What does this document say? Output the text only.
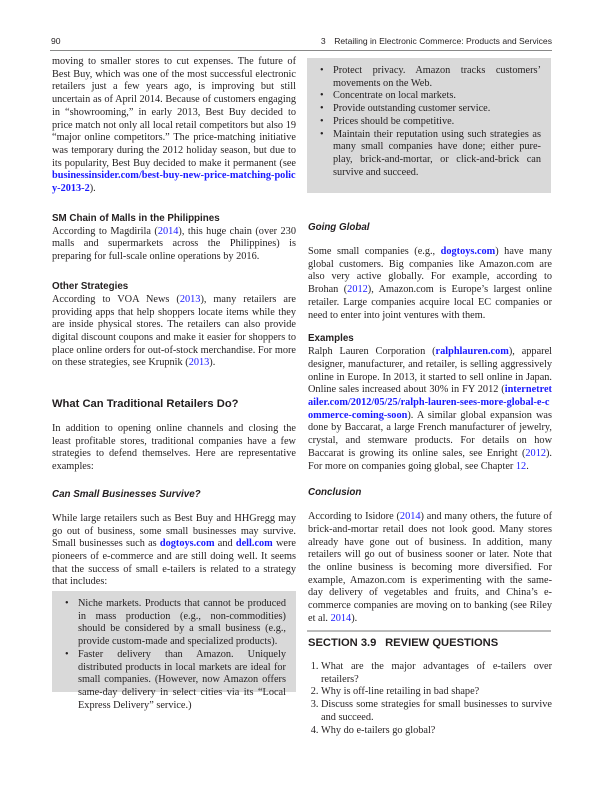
90	3 Retailing in Electronic Commerce: Products and Services

moving to smaller stores to cut expenses. The future of Best Buy, which was one of the most successful electronic retailers just a few years ago, is improving but still uncertain as of April 2014. Because of customers engaging in “showrooming,” in early 2013, Best Buy decided to price match not only all local retail competitors but also 19 “major online competitors.” The price-matching initiative was temporary during the 2012 holiday season, but due to its popularity, Best Buy decided to make it permanent (see businessinsider.com/best-buy-new-price-matching-policy-2013-2).

SM Chain of Malls in the Philippines

According to Magdirila (2014), this huge chain (over 230 malls and supermarkets across the Philippines) is preparing for full-scale online operations by 2016.

Other Strategies

According to VOA News (2013), many retailers are providing apps that help shoppers locate items while they are inside physical stores. The retailers can also provide digital discount coupons and make it easier for shoppers to place online orders for out-of-stock merchandise. For more on these strategies, see Krupnik (2013).

What Can Traditional Retailers Do?

In addition to opening online channels and closing the least profitable stores, traditional companies have a few strategies to defend themselves. Here are representative examples:

Can Small Businesses Survive?

While large retailers such as Best Buy and HHGregg may go out of business, some small businesses may survive. Small businesses such as dogtoys.com and dell.com were pioneers of e-commerce and are still doing well. It seems that the success of small e-tailers is related to a strategy that includes:

• Niche markets. Products that cannot be produced in mass production (e.g., non-commodities) should be considered by a small business (e.g., provide custom-made and specialized products).
• Faster delivery than Amazon. Uniquely distributed products in local markets are ideal for small companies. (However, now Amazon offers same-day delivery in select cities via its “Local Express Delivery” service.)
• Protect privacy. Amazon tracks customers’ movements on the Web.
• Concentrate on local markets.
• Provide outstanding customer service.
• Prices should be competitive.
• Maintain their reputation using such strategies as many small companies have done; either pure-play, brick-and-mortar, or click-and-brick can survive and succeed.

Going Global

Some small companies (e.g., dogtoys.com) have many global customers. Big companies like Amazon.com are also very active globally. For example, according to Brohan (2012), Amazon.com is Europe’s largest online retailer. Large companies acquire local EC companies or need to enter into joint ventures with them.

Examples

Ralph Lauren Corporation (ralphlauren.com), apparel designer, manufacturer, and retailer, is selling aggressively online in Europe. In 2013, it started to sell online in Japan. Online sales increased about 30% in FY 2012 (internetretailer.com/2012/05/25/ralph-lauren-sees-more-global-e-commerce-coming-soon). A similar global expansion was done by Baccarat, a large French manufacturer of jewelry, crystal, and stemware products. For details on how Baccarat is growing its online sales, see Enright (2012). For more on companies going global, see Chapter 12.

Conclusion

According to Isidore (2014) and many others, the future of brick-and-mortar retail does not look good. Many stores already have gone out of business. In addition, many retailers will go out of business sooner or later. Note that the online business is becoming more diversified. For example, Amazon.com is experimenting with the same-day delivery of vegetables and fruits, and China’s e-commerce companies are moving on to banking (see Riley et al. 2014).

SECTION 3.9  REVIEW QUESTIONS

1. What are the major advantages of e-tailers over retailers?
2. Why is off-line retailing in bad shape?
3. Discuss some strategies for small businesses to survive and succeed.
4. Why do e-tailers go global?
